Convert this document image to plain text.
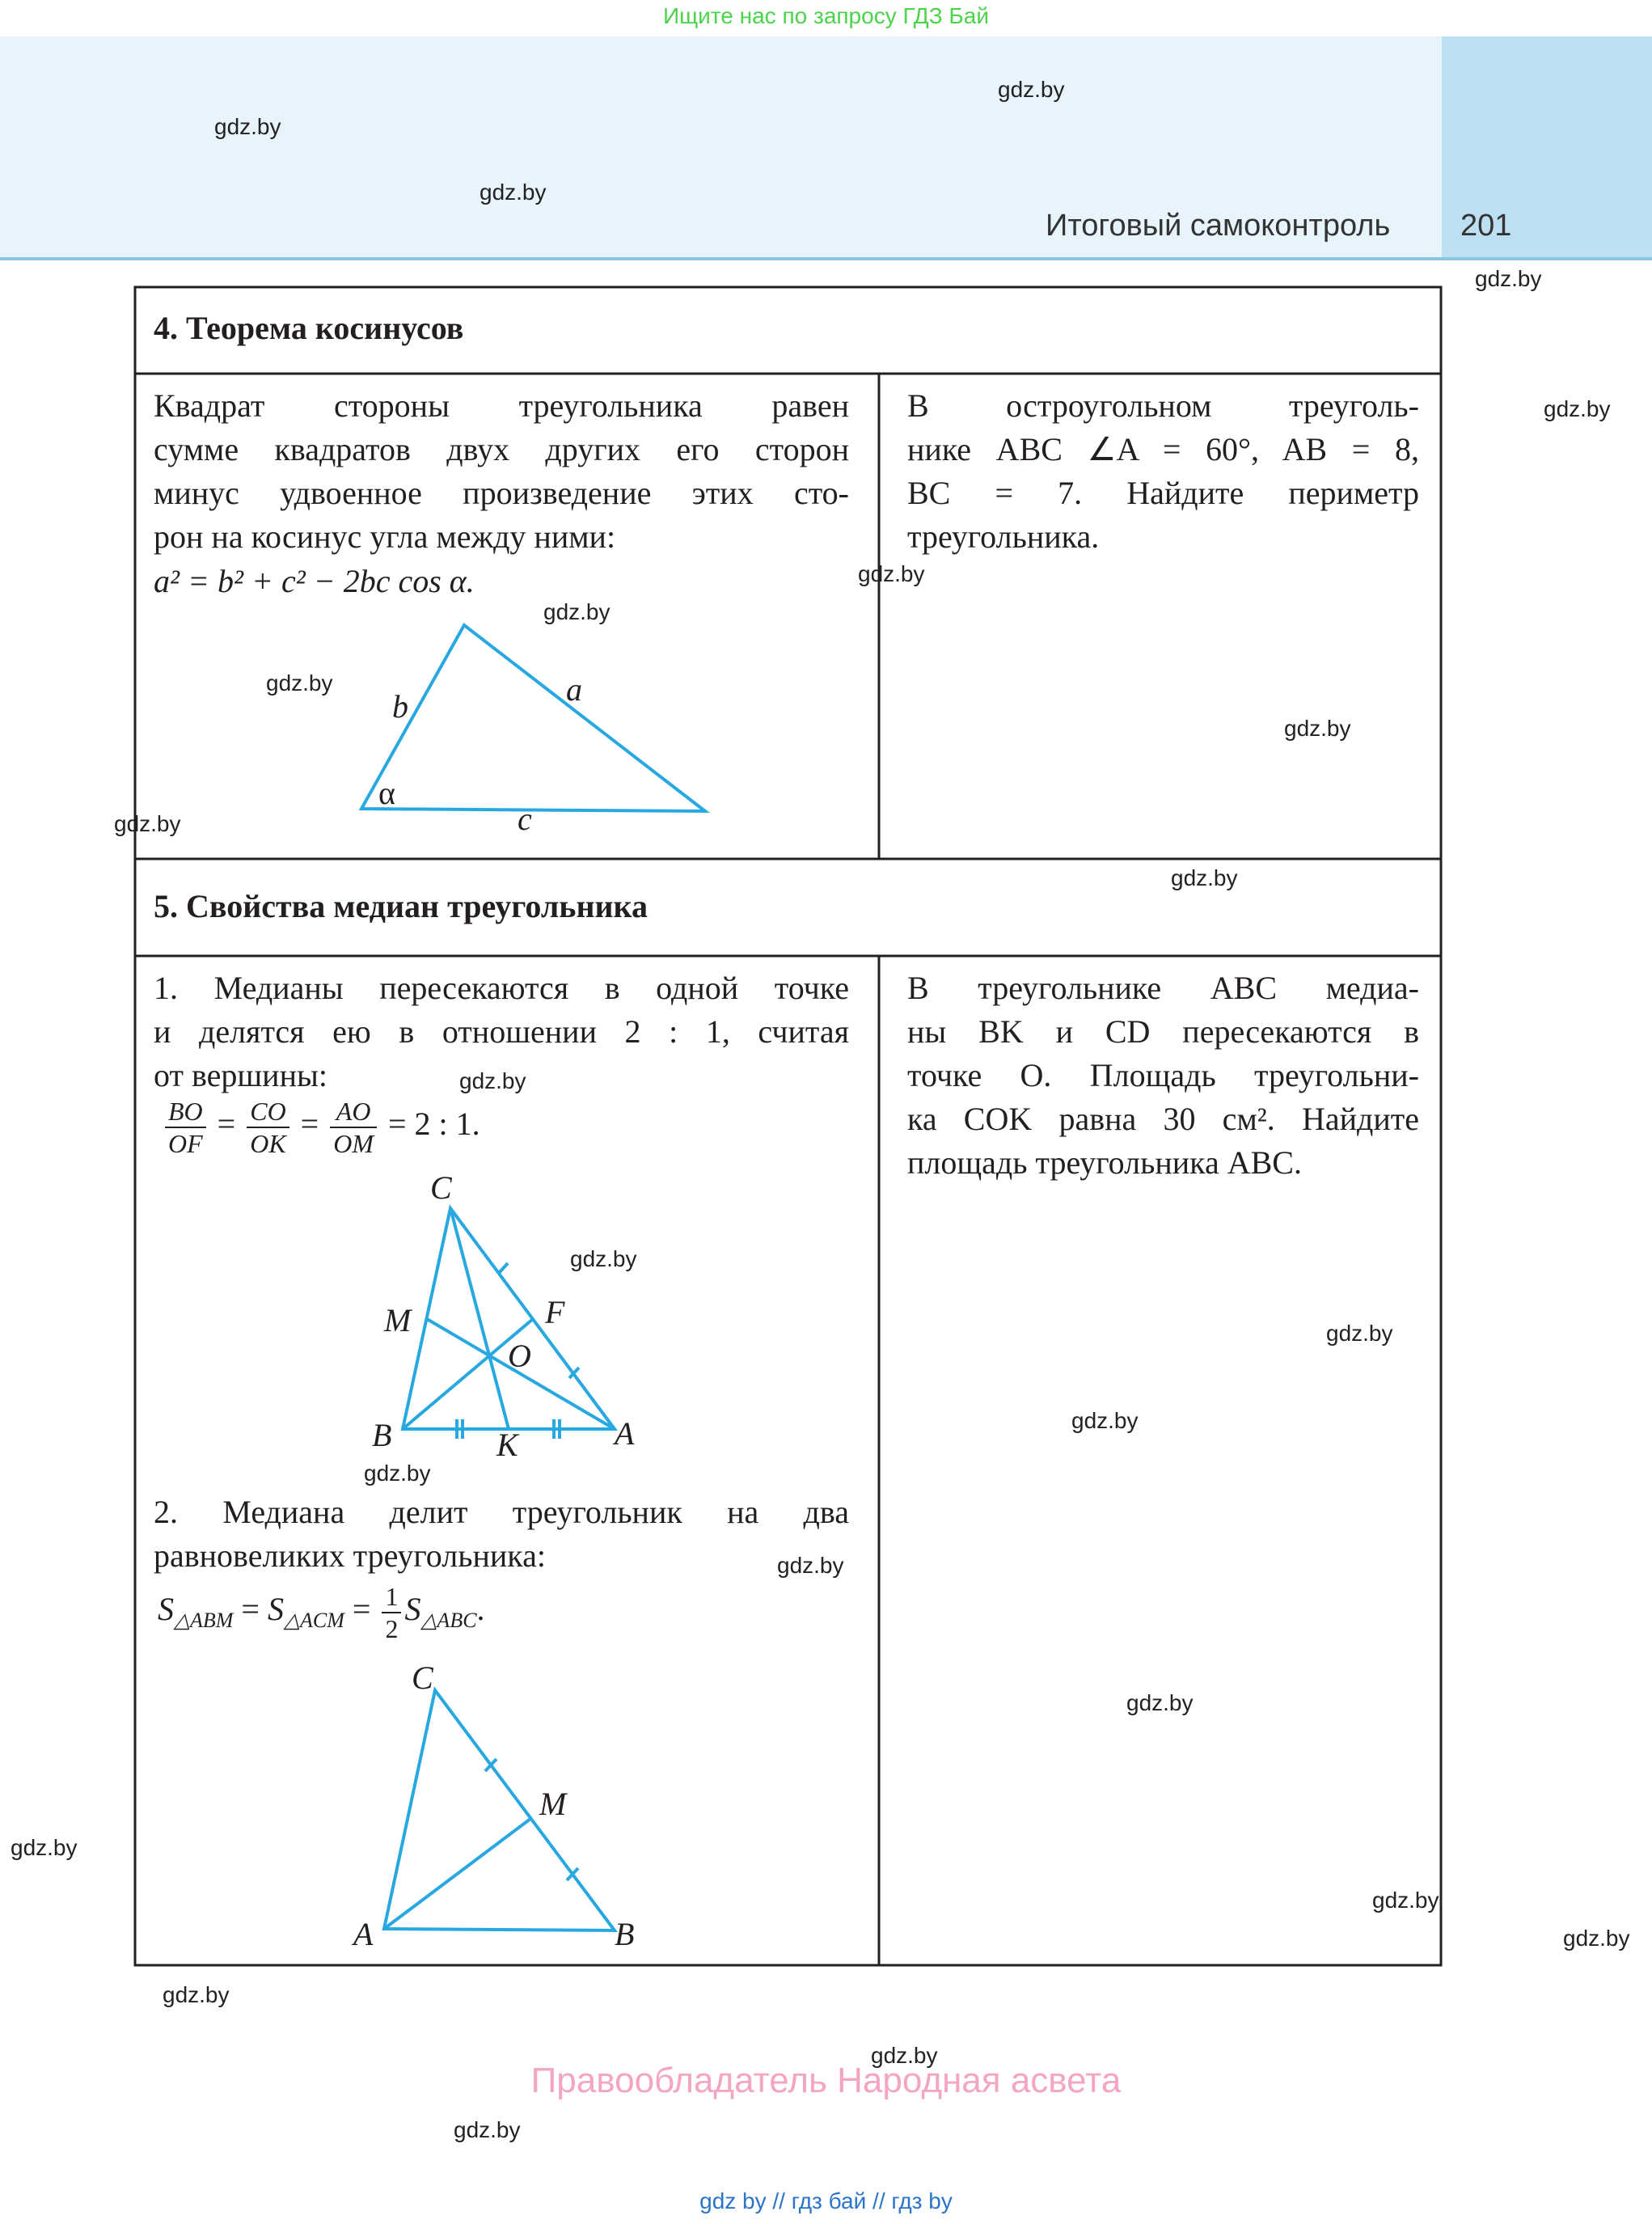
Ищите нас по запросу ГДЗ Бай
Итоговый самоконтроль 201
b	a
α
c
C
M	F
O
B	K	A
C
M
A	B
4. Теорема косинусов
Квадрат стороны треугольника равен
сумме квадратов двух других его сторон
минус удвоенное произведение этих сто-
рон на косинус угла между ними:
a² = b² + c² − 2bc cos α.
В остроугольном треуголь-
нике ABC ∠A = 60°, AB = 8,
BC = 7. Найдите периметр
треугольника.
5. Свойства медиан треугольника
1. Медианы пересекаются в одной точке
и делятся ею в отношении 2 : 1, считая
от вершины:
$\frac{BO}{OF} = \frac{CO}{OK} = \frac{AO}{OM} = 2$ : 1.
2. Медиана делит треугольник на два
равновеликих треугольника:
$S_{\triangle ABM} = S_{\triangle ACM} = \frac{1}{2} S_{\triangle ABC}$.
В треугольнике ABC медиа-
ны BK и CD пересекаются в
точке O. Площадь треугольни-
ка COK равна 30 см². Найдите
площадь треугольника ABC.
gdz.by
gdz.by
gdz.by
gdz.by
gdz.by
gdz.by
gdz.by
gdz.by
gdz.by
gdz.by
gdz.by
gdz.by
gdz.by
gdz.by
gdz.by
gdz.by
gdz.by
gdz.by
gdz.by
gdz.by
gdz.by
gdz.by
gdz.by
gdz.by
Правообладатель Народная асвета
gdz by // гдз бай // гдз by
